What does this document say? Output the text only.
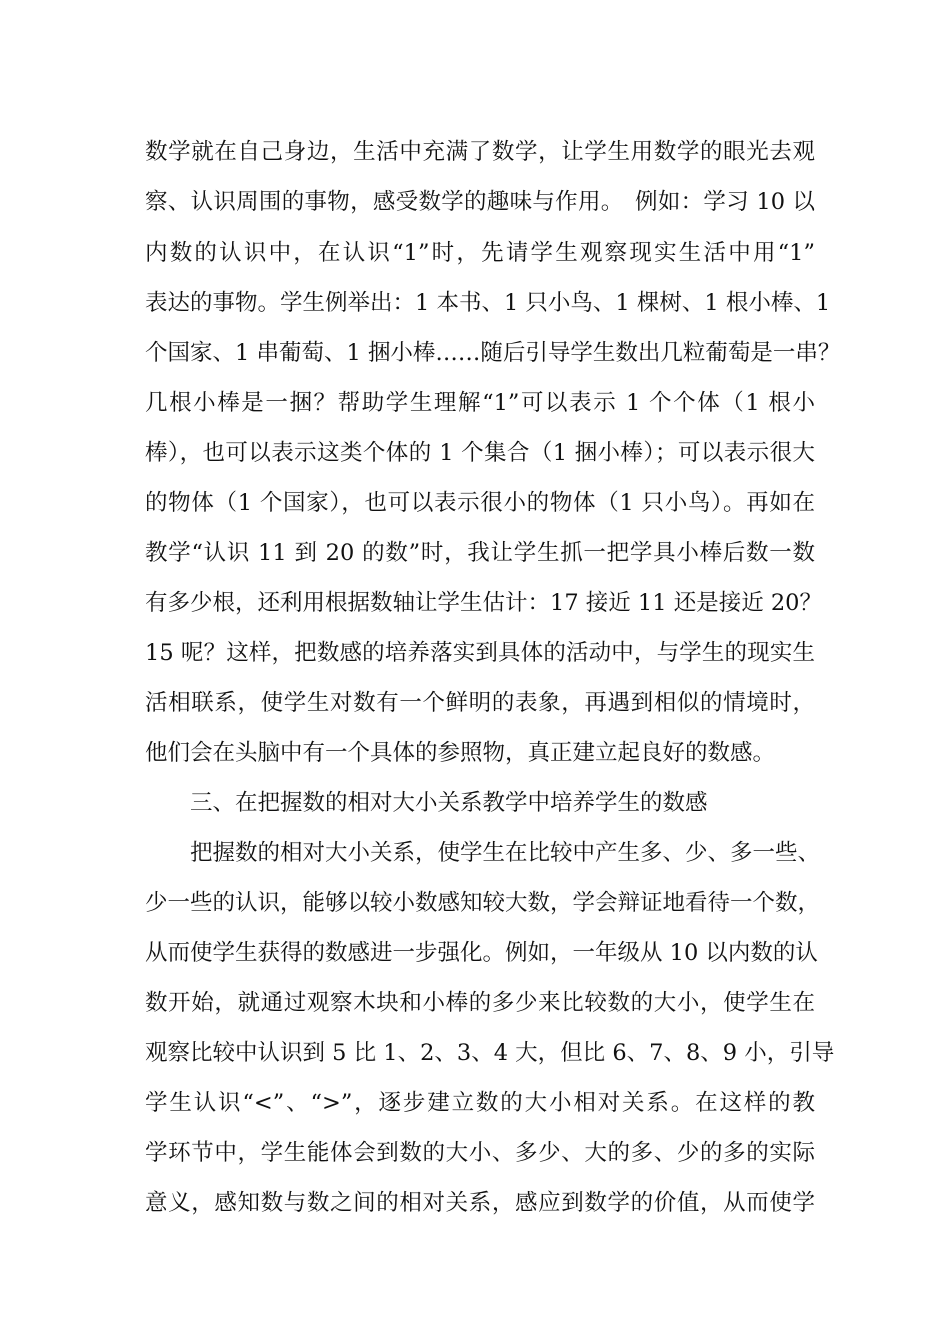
数学就在自己身边，生活中充满了数学，让学生用数学的眼光去观
察、认识周围的事物，感受数学的趣味与作用。　例如：学习 10 以
内数的认识中，在认识“1”时，先请学生观察现实生活中用“1”
表达的事物。学生例举出：1 本书、1 只小鸟、1 棵树、1 根小棒、1
个国家、1 串葡萄、1 捆小棒……随后引导学生数出几粒葡萄是一串？
几根小棒是一捆？帮助学生理解“1”可以表示 1 个个体（1 根小
棒），也可以表示这类个体的 1 个集合（1 捆小棒）；可以表示很大
的物体（1 个国家），也可以表示很小的物体（1 只小鸟）。再如在
教学“认识 11 到 20 的数”时，我让学生抓一把学具小棒后数一数
有多少根，还利用根据数轴让学生估计：17 接近 11 还是接近 20？
15 呢？这样，把数感的培养落实到具体的活动中，与学生的现实生
活相联系，使学生对数有一个鲜明的表象，再遇到相似的情境时，
他们会在头脑中有一个具体的参照物，真正建立起良好的数感。
三、在把握数的相对大小关系教学中培养学生的数感
把握数的相对大小关系，使学生在比较中产生多、少、多一些、
少一些的认识，能够以较小数感知较大数，学会辩证地看待一个数，
从而使学生获得的数感进一步强化。例如，一年级从 10 以内数的认
数开始，就通过观察木块和小棒的多少来比较数的大小，使学生在
观察比较中认识到 5 比 1、2、3、4 大，但比 6、7、8、9 小，引导
学生认识“<”、“>”，逐步建立数的大小相对关系。在这样的教
学环节中，学生能体会到数的大小、多少、大的多、少的多的实际
意义，感知数与数之间的相对关系，感应到数学的价值，从而使学
